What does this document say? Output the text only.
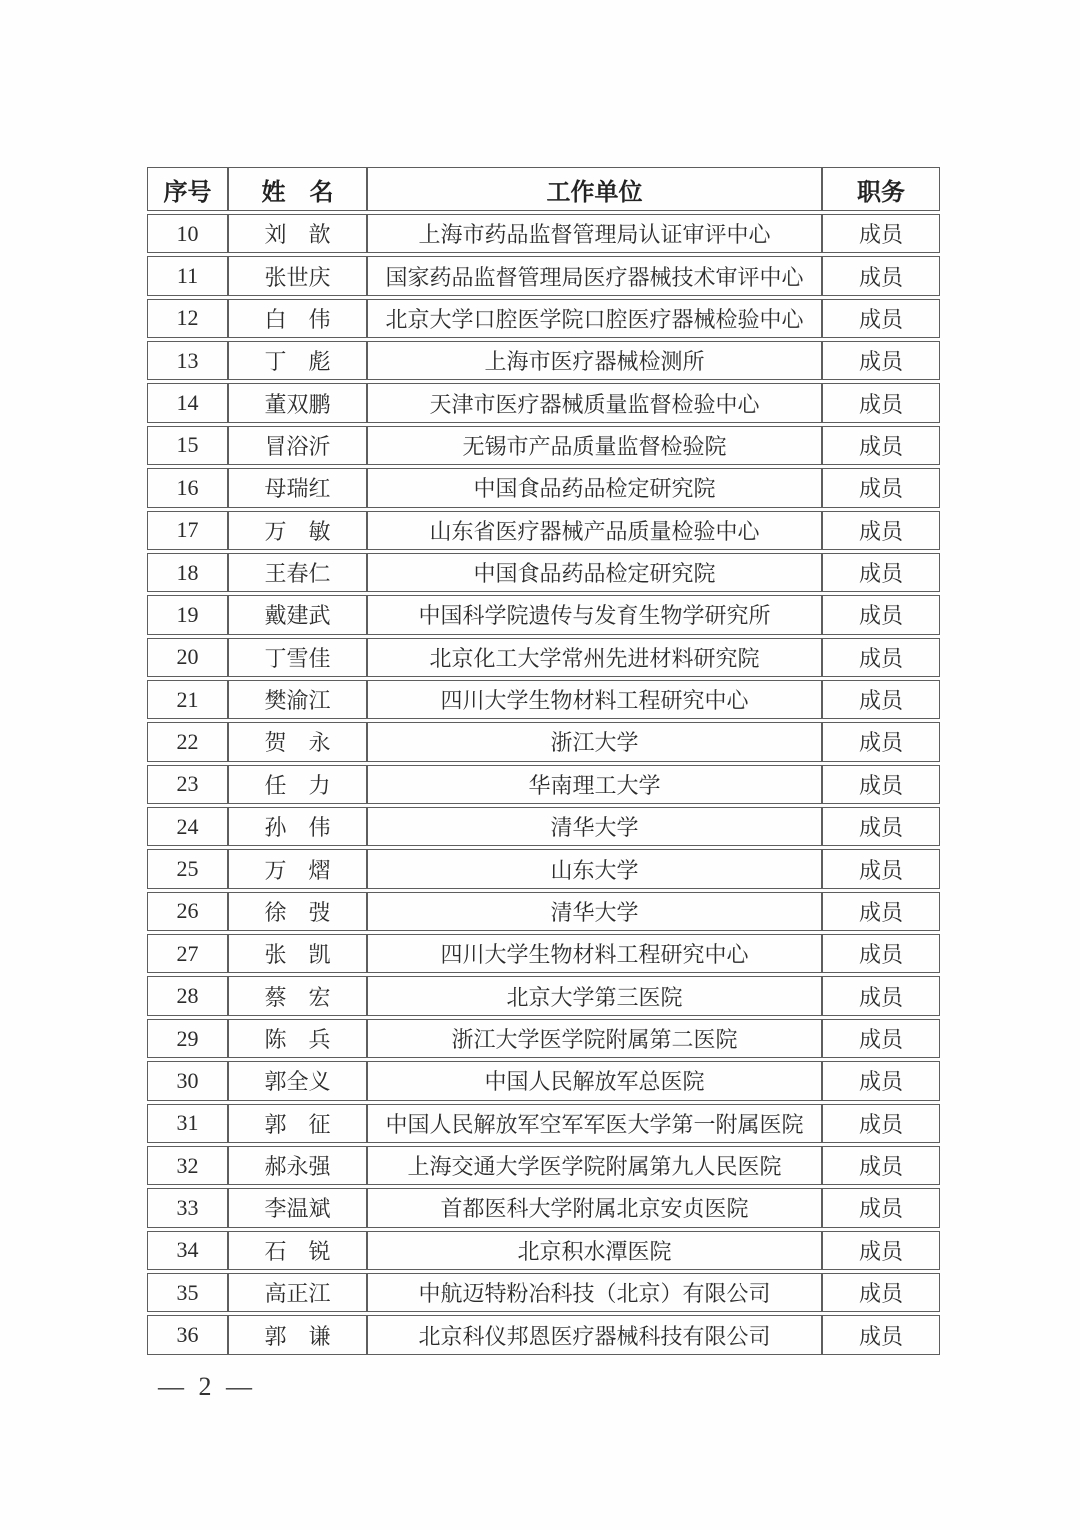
序号	姓　名	工作单位	职务
10	刘　歆	上海市药品监督管理局认证审评中心	成员
11	张世庆	国家药品监督管理局医疗器械技术审评中心	成员
12	白　伟	北京大学口腔医学院口腔医疗器械检验中心	成员
13	丁　彪	上海市医疗器械检测所	成员
14	董双鹏	天津市医疗器械质量监督检验中心	成员
15	冒浴沂	无锡市产品质量监督检验院	成员
16	母瑞红	中国食品药品检定研究院	成员
17	万　敏	山东省医疗器械产品质量检验中心	成员
18	王春仁	中国食品药品检定研究院	成员
19	戴建武	中国科学院遗传与发育生物学研究所	成员
20	丁雪佳	北京化工大学常州先进材料研究院	成员
21	樊渝江	四川大学生物材料工程研究中心	成员
22	贺　永	浙江大学	成员
23	任　力	华南理工大学	成员
24	孙　伟	清华大学	成员
25	万　熠	山东大学	成员
26	徐　弢	清华大学	成员
27	张　凯	四川大学生物材料工程研究中心	成员
28	蔡　宏	北京大学第三医院	成员
29	陈　兵	浙江大学医学院附属第二医院	成员
30	郭全义	中国人民解放军总医院	成员
31	郭　征	中国人民解放军空军军医大学第一附属医院	成员
32	郝永强	上海交通大学医学院附属第九人民医院	成员
33	李温斌	首都医科大学附属北京安贞医院	成员
34	石　锐	北京积水潭医院	成员
35	高正江	中航迈特粉冶科技（北京）有限公司	成员
36	郭　谦	北京科仪邦恩医疗器械科技有限公司	成员
— 2 —
